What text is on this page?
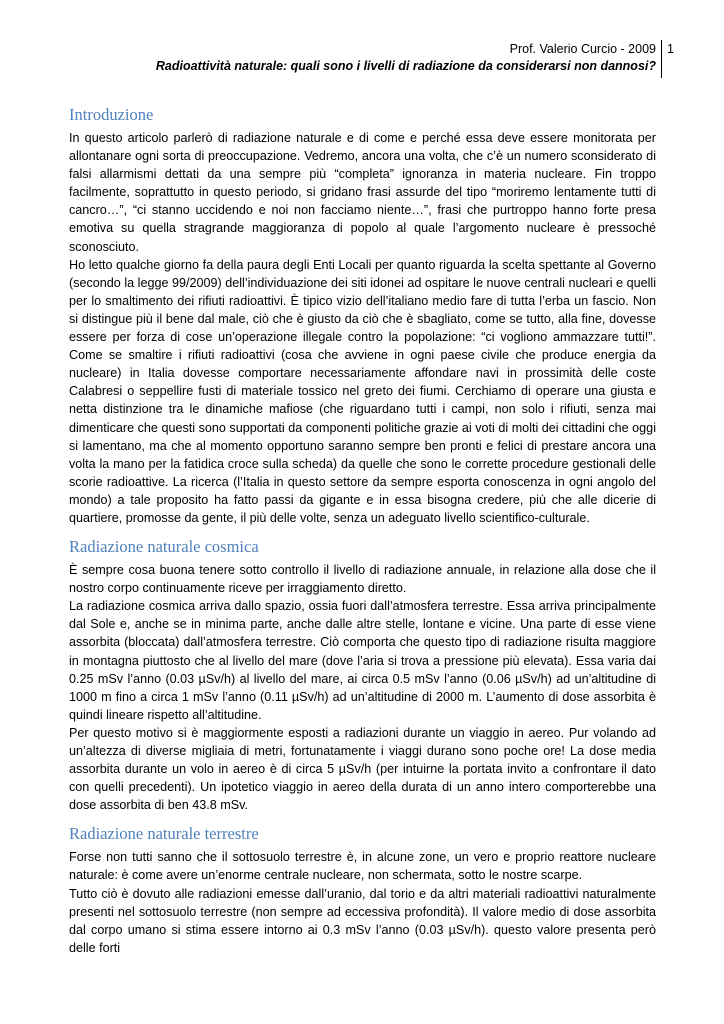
Prof. Valerio Curcio - 2009
Radioattività naturale: quali sono i livelli di radiazione da considerarsi non dannosi?
1
Introduzione

In questo articolo parlerò di radiazione naturale e di come e perché essa deve essere monitorata per allontanare ogni sorta di preoccupazione. Vedremo, ancora una volta, che c’è un numero sconsiderato di falsi allarmismi dettati da una sempre più “completa” ignoranza in materia nucleare. Fin troppo facilmente, soprattutto in questo periodo, si gridano frasi assurde del tipo “moriremo lentamente tutti di cancro…”, “ci stanno uccidendo e noi non facciamo niente…”, frasi che purtroppo hanno forte presa emotiva su quella stragrande maggioranza di popolo al quale l’argomento nucleare è pressoché sconosciuto.

Ho letto qualche giorno fa della paura degli Enti Locali per quanto riguarda la scelta spettante al Governo (secondo la legge 99/2009) dell’individuazione dei siti idonei ad ospitare le nuove centrali nucleari e quelli per lo smaltimento dei rifiuti radioattivi. È tipico vizio dell’italiano medio fare di tutta l’erba un fascio. Non si distingue più il bene dal male, ciò che è giusto da ciò che è sbagliato, come se tutto, alla fine, dovesse essere per forza di cose un’operazione illegale contro la popolazione: “ci vogliono ammazzare tutti!”. Come se smaltire i rifiuti radioattivi (cosa che avviene in ogni paese civile che produce energia da nucleare) in Italia dovesse comportare necessariamente affondare navi in prossimità delle coste Calabresi o seppellire fusti di materiale tossico nel greto dei fiumi. Cerchiamo di operare una giusta e netta distinzione tra le dinamiche mafiose (che riguardano tutti i campi, non solo i rifiuti, senza mai dimenticare che questi sono supportati da componenti politiche grazie ai voti di molti dei cittadini che oggi si lamentano, ma che al momento opportuno saranno sempre ben pronti e felici di prestare ancora una volta la mano per la fatidica croce sulla scheda) da quelle che sono le corrette procedure gestionali delle scorie radioattive. La ricerca (l’Italia in questo settore da sempre esporta conoscenza in ogni angolo del mondo) a tale proposito ha fatto passi da gigante e in essa bisogna credere, più che alle dicerie di quartiere, promosse da gente, il più delle volte, senza un adeguato livello scientifico-culturale.

Radiazione naturale cosmica

È sempre cosa buona tenere sotto controllo il livello di radiazione annuale, in relazione alla dose che il nostro corpo continuamente riceve per irraggiamento diretto.

La radiazione cosmica arriva dallo spazio, ossia fuori dall’atmosfera terrestre. Essa arriva principalmente dal Sole e, anche se in minima parte, anche dalle altre stelle, lontane e vicine. Una parte di esse viene assorbita (bloccata) dall’atmosfera terrestre. Ciò comporta che questo tipo di radiazione risulta maggiore in montagna piuttosto che al livello del mare (dove l’aria si trova a pressione più elevata). Essa varia dai 0.25 mSv l’anno (0.03 µSv/h) al livello del mare, ai circa 0.5 mSv l’anno (0.06 µSv/h) ad un’altitudine di 1000 m fino a circa 1 mSv l’anno (0.11 µSv/h) ad un’altitudine di 2000 m. L’aumento di dose assorbita è quindi lineare rispetto all’altitudine.

Per questo motivo si è maggiormente esposti a radiazioni durante un viaggio in aereo. Pur volando ad un’altezza di diverse migliaia di metri, fortunatamente i viaggi durano sono poche ore! La dose media assorbita durante un volo in aereo è di circa 5 µSv/h (per intuirne la portata invito a confrontare il dato con quelli precedenti). Un ipotetico viaggio in aereo della durata di un anno intero comporterebbe una dose assorbita di ben 43.8 mSv.

Radiazione naturale terrestre

Forse non tutti sanno che il sottosuolo terrestre è, in alcune zone, un vero e proprio reattore nucleare naturale: è come avere un’enorme centrale nucleare, non schermata, sotto le nostre scarpe.

Tutto ciò è dovuto alle radiazioni emesse dall’uranio, dal torio e da altri materiali radioattivi naturalmente presenti nel sottosuolo terrestre (non sempre ad eccessiva profondità). Il valore medio di dose assorbita dal corpo umano si stima essere intorno ai 0.3 mSv l’anno (0.03 µSv/h). questo valore presenta però delle forti
